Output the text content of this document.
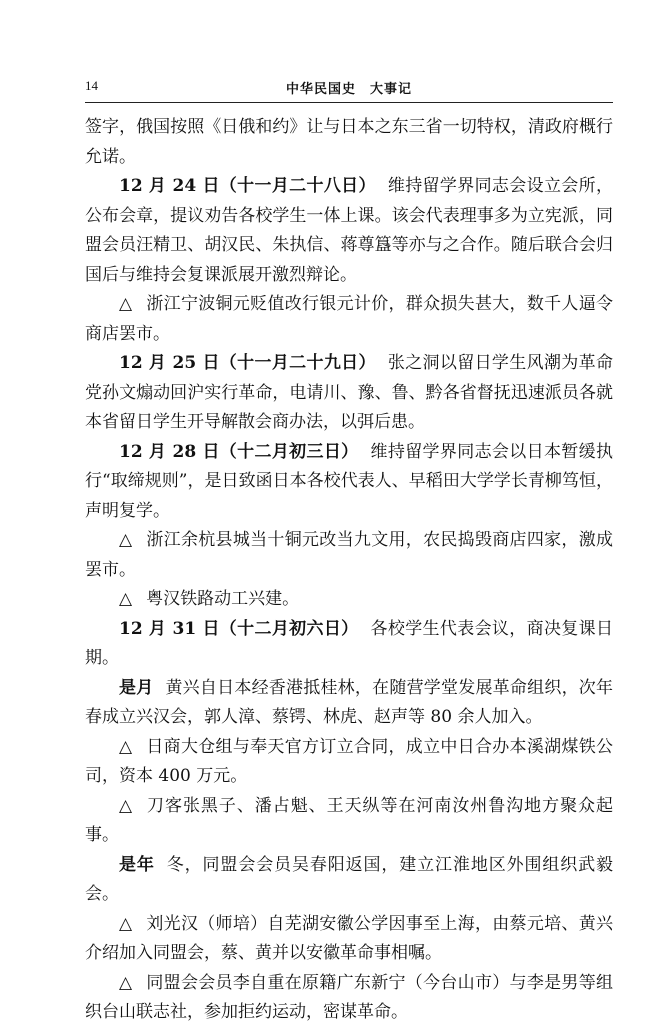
14	中华民国史　大事记

签字，俄国按照《日俄和约》让与日本之东三省一切特权，清政府概行允诺。

12 月 24 日（十一月二十八日） 维持留学界同志会设立会所，公布会章，提议劝告各校学生一体上课。该会代表理事多为立宪派，同盟会员汪精卫、胡汉民、朱执信、蒋尊簋等亦与之合作。随后联合会归国后与维持会复课派展开激烈辩论。

△ 浙江宁波铜元贬值改行银元计价，群众损失甚大，数千人逼令商店罢市。

12 月 25 日（十一月二十九日） 张之洞以留日学生风潮为革命党孙文煽动回沪实行革命，电请川、豫、鲁、黔各省督抚迅速派员各就本省留日学生开导解散会商办法，以弭后患。

12 月 28 日（十二月初三日） 维持留学界同志会以日本暂缓执行“取缔规则”，是日致函日本各校代表人、早稻田大学学长青柳笃恒，声明复学。

△ 浙江余杭县城当十铜元改当九文用，农民捣毁商店四家，激成罢市。

△ 粤汉铁路动工兴建。

12 月 31 日（十二月初六日） 各校学生代表会议，商决复课日期。

是月 黄兴自日本经香港抵桂林，在随营学堂发展革命组织，次年春成立兴汉会，郭人漳、蔡锷、林虎、赵声等 80 余人加入。

△ 日商大仓组与奉天官方订立合同，成立中日合办本溪湖煤铁公司，资本 400 万元。

△ 刀客张黑子、潘占魁、王天纵等在河南汝州鲁沟地方聚众起事。

是年 冬，同盟会会员吴春阳返国，建立江淮地区外围组织武毅会。

△ 刘光汉（师培）自芜湖安徽公学因事至上海，由蔡元培、黄兴介绍加入同盟会，蔡、黄并以安徽革命事相嘱。

△ 同盟会会员李自重在原籍广东新宁（今台山市）与李是男等组织台山联志社，参加拒约运动，密谋革命。
